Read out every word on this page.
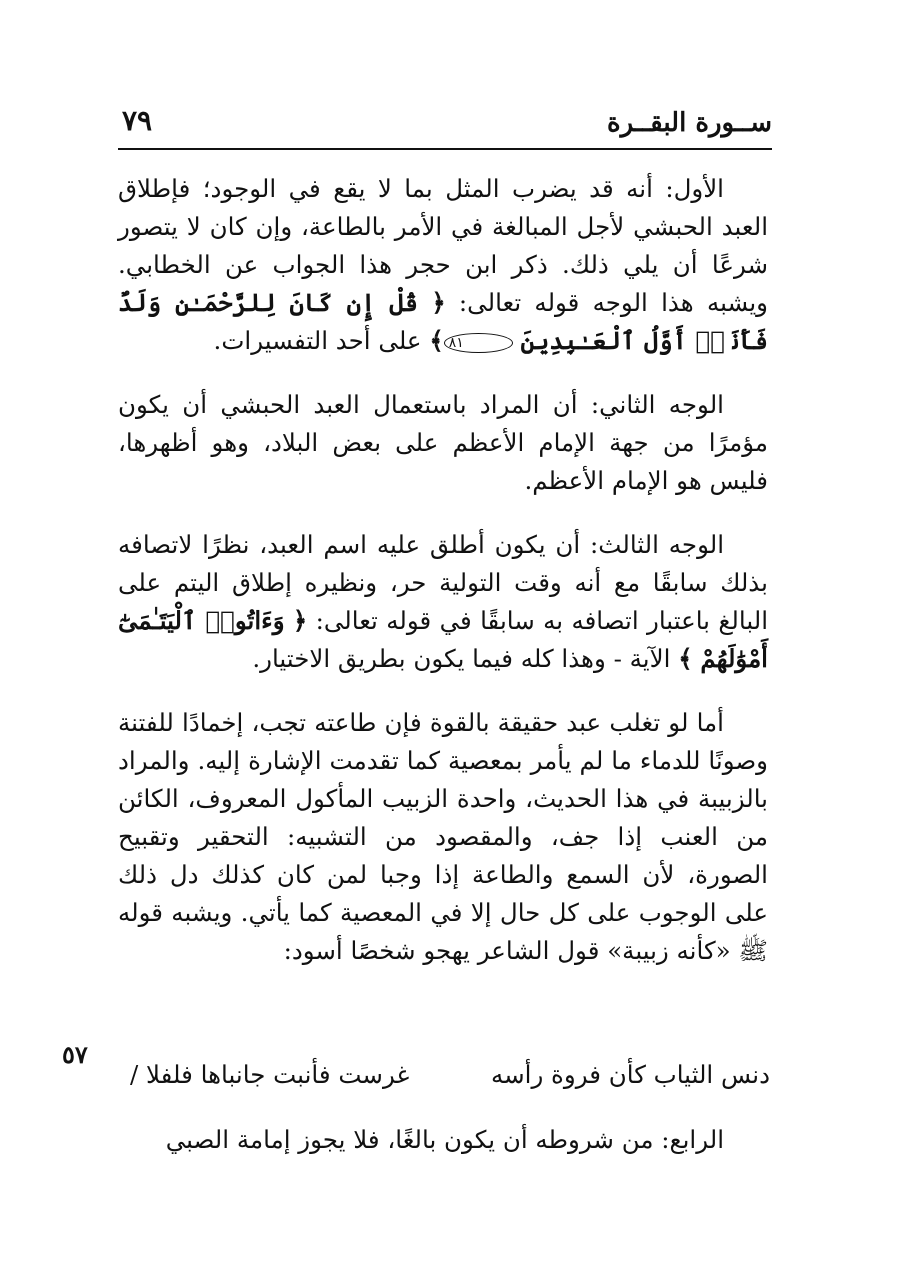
ســورة البقــرة
٧٩

الأول: أنه قد يضرب المثل بما لا يقع في الوجود؛ فإطلاق العبد الحبشي لأجل المبالغة في الأمر بالطاعة، وإن كان لا يتصور شرعًا أن يلي ذلك. ذكر ابن حجر هذا الجواب عن الخطابي. ويشبه هذا الوجه قوله تعالى: ﴿ قُلْ إِن كَانَ لِلرَّحْمَـٰنِ وَلَدٌ فَأَنَا۠ أَوَّلُ ٱلْعَـٰبِدِينَ ٨١﴾ على أحد التفسيرات.

الوجه الثاني: أن المراد باستعمال العبد الحبشي أن يكون مؤمرًا من جهة الإمام الأعظم على بعض البلاد، وهو أظهرها، فليس هو الإمام الأعظم.

الوجه الثالث: أن يكون أطلق عليه اسم العبد، نظرًا لاتصافه بذلك سابقًا مع أنه وقت التولية حر، ونظيره إطلاق اليتم على البالغ باعتبار اتصافه به سابقًا في قوله تعالى: ﴿ وَءَاتُوا۟ ٱلْيَتَـٰمَىٰٓ أَمْوَٰلَهُمْ ﴾ الآية - وهذا كله فيما يكون بطريق الاختيار.

أما لو تغلب عبد حقيقة بالقوة فإن طاعته تجب، إخمادًا للفتنة وصونًا للدماء ما لم يأمر بمعصية كما تقدمت الإشارة إليه. والمراد بالزبيبة في هذا الحديث، واحدة الزبيب المأكول المعروف، الكائن من العنب إذا جف، والمقصود من التشبيه: التحقير وتقبيح الصورة، لأن السمع والطاعة إذا وجبا لمن كان كذلك دل ذلك على الوجوب على كل حال إلا في المعصية كما يأتي. ويشبه قوله ﷺ «كأنه زبيبة» قول الشاعر يهجو شخصًا أسود:

٥٧
دنس الثياب كأن فروة رأسه
غرست فأنبت جانباها فلفلا /
الرابع: من شروطه أن يكون بالغًا، فلا يجوز إمامة الصبي
